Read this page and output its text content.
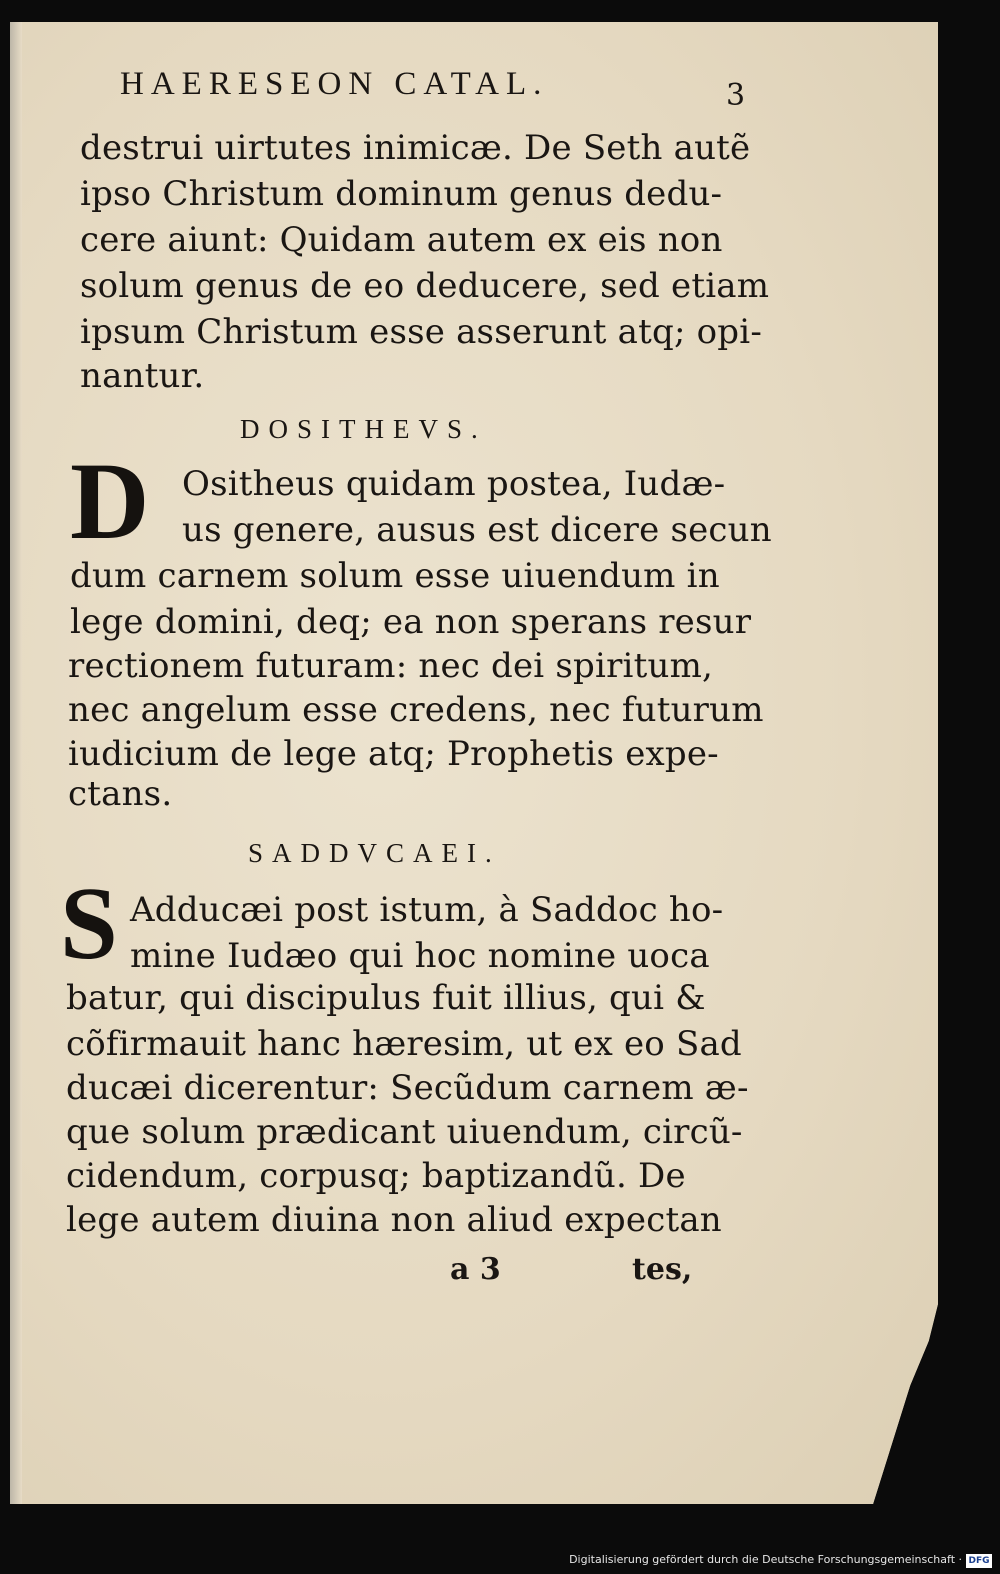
HAERESEON CATAL.	3
destrui uirtutes inimicæ. De Seth autẽ
ipso Christum dominum genus dedu-
cere aiunt: Quidam autem ex eis non
solum genus de eo deducere, sed etiam
ipsum Christum esse asserunt atq; opi-
nantur.
DOSITHEVS.
D Ositheus quidam postea, Iudæ-
us genere, ausus est dicere secun
dum carnem solum esse uiuendum in
lege domini, deq; ea non sperans resur
rectionem futuram: nec dei spiritum,
nec angelum esse credens, nec futurum
iudicium de lege atq; Prophetis expe-
ctans.
SADDVCAEI.
S Adducæi post istum, à Saddoc ho-
mine Iudæo qui hoc nomine uoca
batur, qui discipulus fuit illius, qui &
cõfirmauit hanc hæresim, ut ex eo Sad
ducæi dicerentur: Secũdum carnem æ-
que solum prædicant uiuendum, circũ-
cidendum, corpusq; baptizandũ. De
lege autem diuina non aliud expectan
a 3	tes,
Digitalisierung gefördert durch die Deutsche Forschungsgemeinschaft · DFG
